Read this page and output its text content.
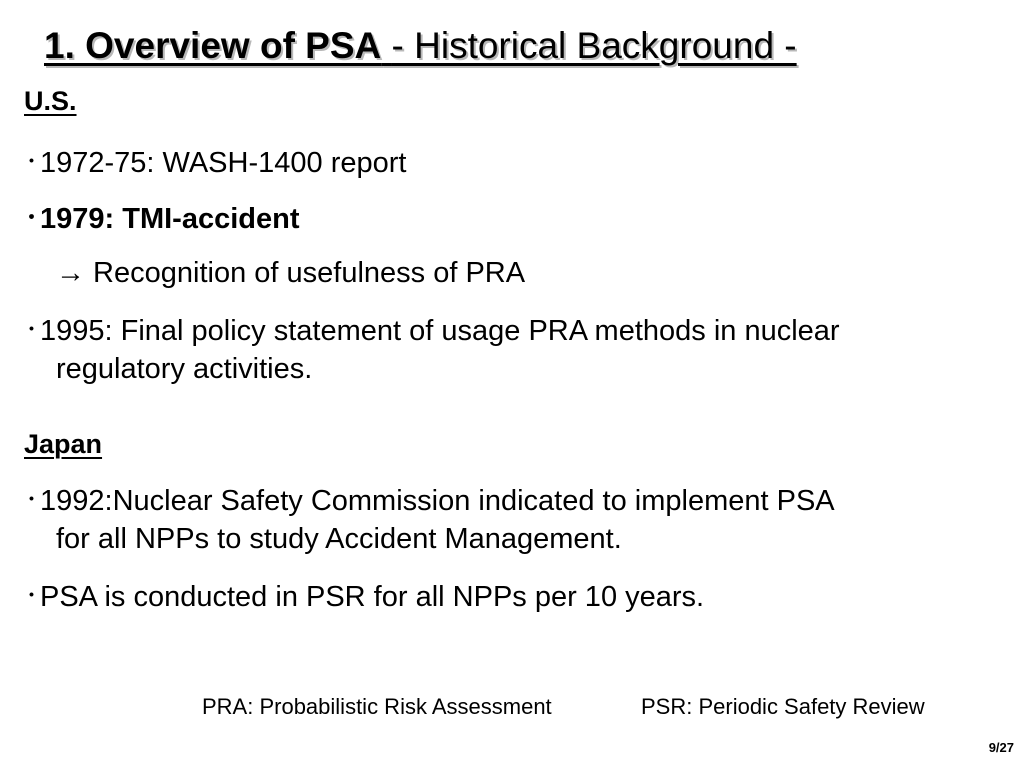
1. Overview of PSA - Historical Background -
U.S.
･ 1972-75: WASH-1400 report
･ 1979: TMI-accident
→ Recognition of usefulness of PRA
･ 1995: Final policy statement of usage PRA methods in nuclear
regulatory activities.
Japan
･ 1992:Nuclear Safety Commission indicated to implement PSA
for all NPPs to study Accident Management.
･ PSA is conducted in PSR for all NPPs per 10 years.
PRA: Probabilistic Risk Assessment	PSR: Periodic Safety Review
9/27
